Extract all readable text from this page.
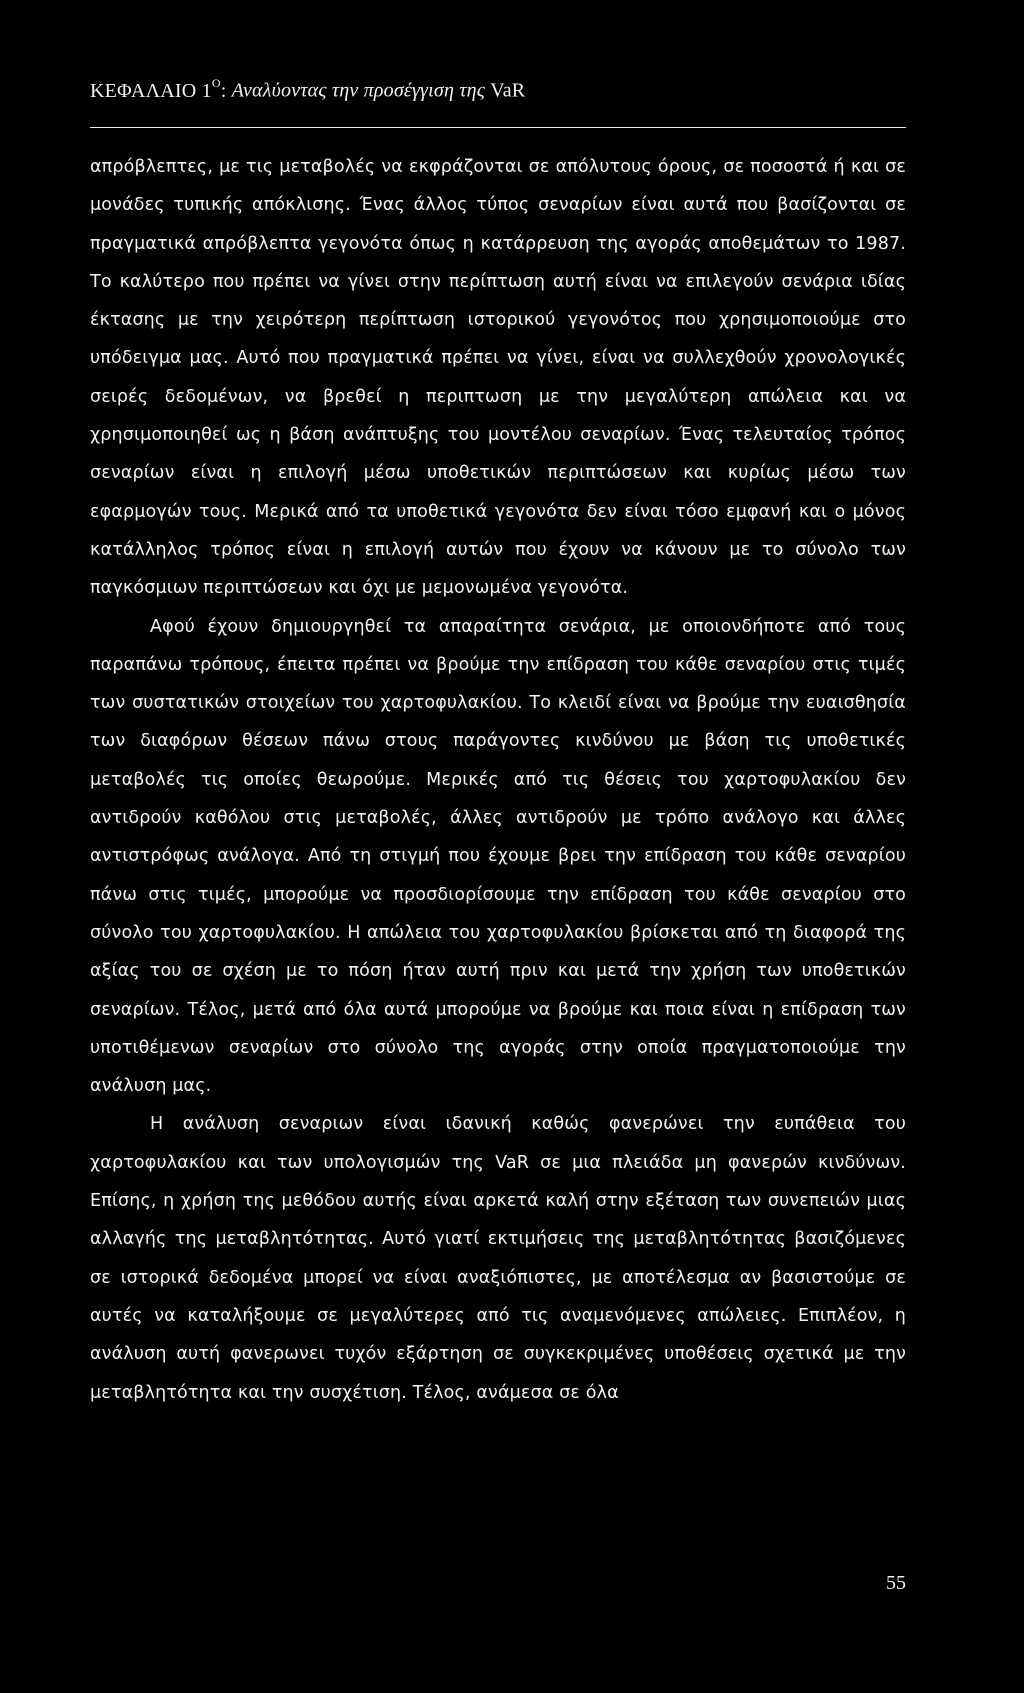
ΚΕΦΑΛΑΙΟ $1^O$: Αναλύοντας την προσέγγιση της VaR

απρόβλεπτες, με τις μεταβολές να εκφράζονται σε απόλυτους όρους, σε ποσοστά ή και σε μονάδες τυπικής απόκλισης. Ένας άλλος τύπος σεναρίων είναι αυτά που βασίζονται σε πραγματικά απρόβλεπτα γεγονότα όπως η κατάρρευση της αγοράς αποθεμάτων το 1987. Το καλύτερο που πρέπει να γίνει στην περίπτωση αυτή είναι να επιλεγούν σενάρια ιδίας έκτασης με την χειρότερη περίπτωση ιστορικού γεγονότος που χρησιμοποιούμε στο υπόδειγμα μας. Αυτό που πραγματικά πρέπει να γίνει, είναι να συλλεχθούν χρονολογικές σειρές δεδομένων, να βρεθεί η περιπτωση με την μεγαλύτερη απώλεια και να χρησιμοποιηθεί ως η βάση ανάπτυξης του μοντέλου σεναρίων. Ένας τελευταίος τρόπος σεναρίων είναι η επιλογή μέσω υποθετικών περιπτώσεων και κυρίως μέσω των εφαρμογών τους. Μερικά από τα υποθετικά γεγονότα δεν είναι τόσο εμφανή και ο μόνος κατάλληλος τρόπος είναι η επιλογή αυτών που έχουν να κάνουν με το σύνολο των παγκόσμιων περιπτώσεων και όχι με μεμονωμένα γεγονότα.

Αφού έχουν δημιουργηθεί τα απαραίτητα σενάρια, με οποιονδήποτε από τους παραπάνω τρόπους, έπειτα πρέπει να βρούμε την επίδραση του κάθε σεναρίου στις τιμές των συστατικών στοιχείων του χαρτοφυλακίου. Το κλειδί είναι να βρούμε την ευαισθησία των διαφόρων θέσεων πάνω στους παράγοντες κινδύνου με βάση τις υποθετικές μεταβολές τις οποίες θεωρούμε. Μερικές από τις θέσεις του χαρτοφυλακίου δεν αντιδρούν καθόλου στις μεταβολές, άλλες αντιδρούν με τρόπο ανάλογο και άλλες αντιστρόφως ανάλογα. Από τη στιγμή που έχουμε βρει την επίδραση του κάθε σεναρίου πάνω στις τιμές, μπορούμε να προσδιορίσουμε την επίδραση του κάθε σεναρίου στο σύνολο του χαρτοφυλακίου. Η απώλεια του χαρτοφυλακίου βρίσκεται από τη διαφορά της αξίας του σε σχέση με το πόση ήταν αυτή πριν και μετά την χρήση των υποθετικών σεναρίων. Τέλος, μετά από όλα αυτά μπορούμε να βρούμε και ποια είναι η επίδραση των υποτιθέμενων σεναρίων στο σύνολο της αγοράς στην οποία πραγματοποιούμε την ανάλυση μας.

Η ανάλυση σεναριων είναι ιδανική καθώς φανερώνει την ευπάθεια του χαρτοφυλακίου και των υπολογισμών της VaR σε μια πλειάδα μη φανερών κινδύνων. Επίσης, η χρήση της μεθόδου αυτής είναι αρκετά καλή στην εξέταση των συνεπειών μιας αλλαγής της μεταβλητότητας. Αυτό γιατί εκτιμήσεις της μεταβλητότητας βασιζόμενες σε ιστορικά δεδομένα μπορεί να είναι αναξιόπιστες, με αποτέλεσμα αν βασιστούμε σε αυτές να καταλήξουμε σε μεγαλύτερες από τις αναμενόμενες απώλειες. Επιπλέον, η ανάλυση αυτή φανερωνει τυχόν εξάρτηση σε συγκεκριμένες υποθέσεις σχετικά με την μεταβλητότητα και την συσχέτιση. Τέλος, ανάμεσα σε όλα

55
